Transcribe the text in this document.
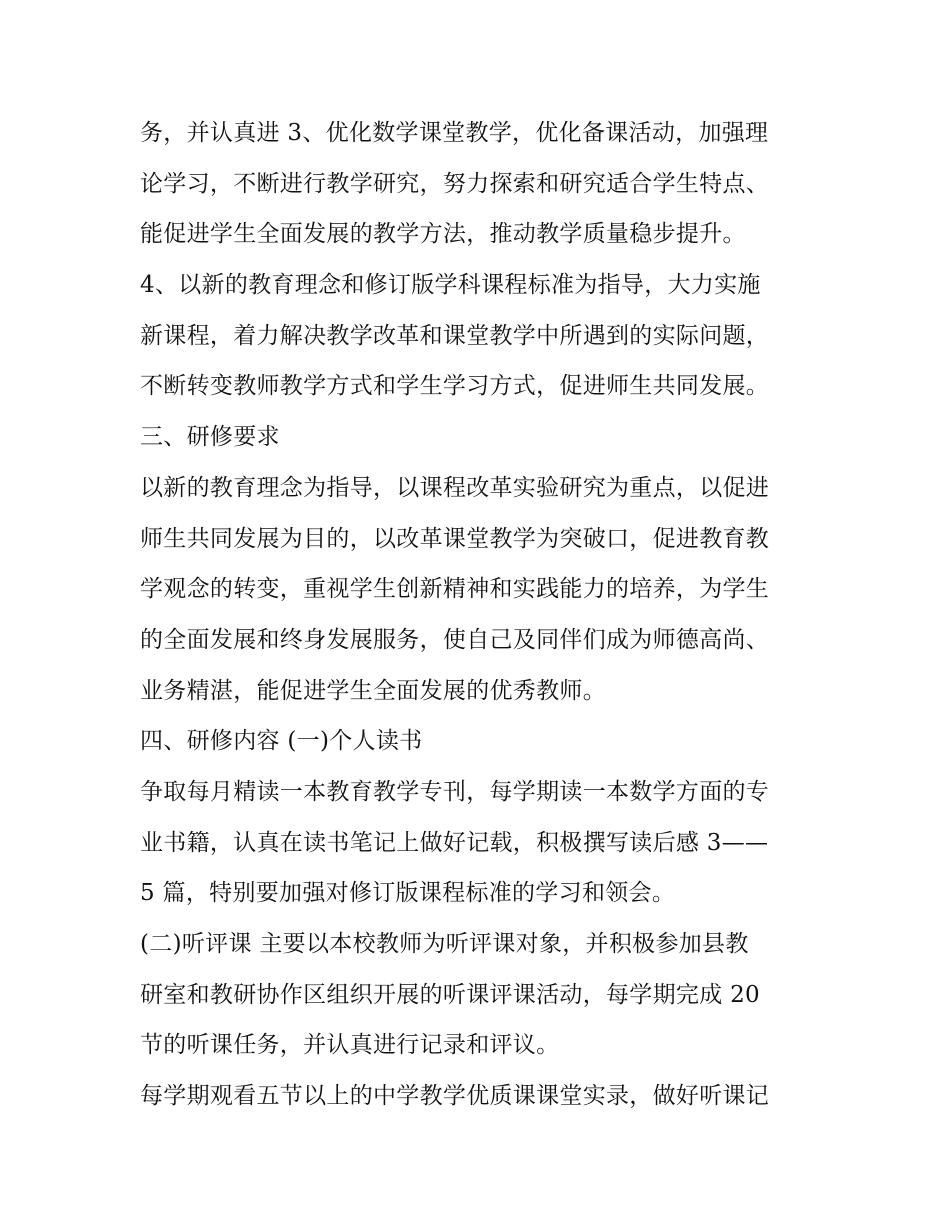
务，并认真进 3、优化数学课堂教学，优化备课活动，加强理
论学习，不断进行教学研究，努力探索和研究适合学生特点、
能促进学生全面发展的教学方法，推动教学质量稳步提升。
4、以新的教育理念和修订版学科课程标准为指导，大力实施
新课程，着力解决教学改革和课堂教学中所遇到的实际问题，
不断转变教师教学方式和学生学习方式，促进师生共同发展。
三、研修要求
以新的教育理念为指导，以课程改革实验研究为重点，以促进
师生共同发展为目的，以改革课堂教学为突破口，促进教育教
学观念的转变，重视学生创新精神和实践能力的培养，为学生
的全面发展和终身发展服务，使自己及同伴们成为师德高尚、
业务精湛，能促进学生全面发展的优秀教师。
四、研修内容 (一)个人读书
争取每月精读一本教育教学专刊，每学期读一本数学方面的专
业书籍，认真在读书笔记上做好记载，积极撰写读后感 3——
5 篇，特别要加强对修订版课程标准的学习和领会。
(二)听评课 主要以本校教师为听评课对象，并积极参加县教
研室和教研协作区组织开展的听课评课活动，每学期完成 20
节的听课任务，并认真进行记录和评议。
每学期观看五节以上的中学教学优质课课堂实录，做好听课记
